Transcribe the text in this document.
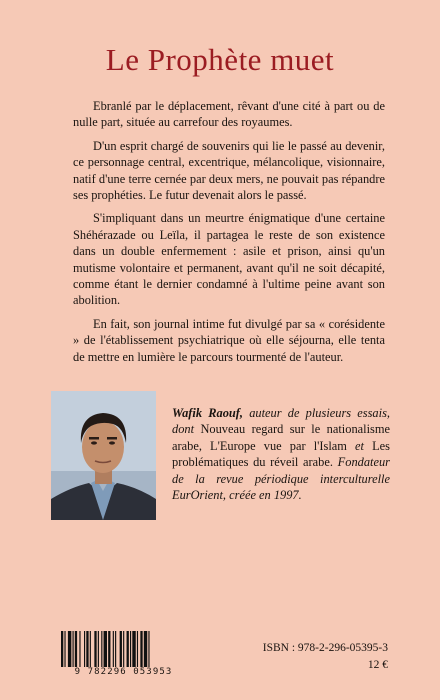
Le Prophète muet

Ebranlé par le déplacement, rêvant d'une cité à part ou de nulle part, située au carrefour des royaumes.

D'un esprit chargé de souvenirs qui lie le passé au devenir, ce personnage central, excentrique, mélancolique, visionnaire, natif d'une terre cernée par deux mers, ne pouvait pas répandre ses prophéties. Le futur devenait alors le passé.

S'impliquant dans un meurtre énigmatique d'une certaine Shéhérazade ou Leïla, il partagea le reste de son existence dans un double enfermement : asile et prison, ainsi qu'un mutisme volontaire et permanent, avant qu'il ne soit décapité, comme étant le dernier condamné à l'ultime peine avant son abolition.

En fait, son journal intime fut divulgé par sa « corésidente » de l'établissement psychiatrique où elle séjourna, elle tenta de mettre en lumière le parcours tourmenté de l'auteur.

Wafik Raouf, auteur de plusieurs essais, dont Nouveau regard sur le nationalisme arabe, L'Europe vue par l'Islam et Les problématiques du réveil arabe. Fondateur de la revue périodique interculturelle EurOrient, créée en 1997.
9 782296 053953
ISBN : 978-2-296-05395-3
12 €
